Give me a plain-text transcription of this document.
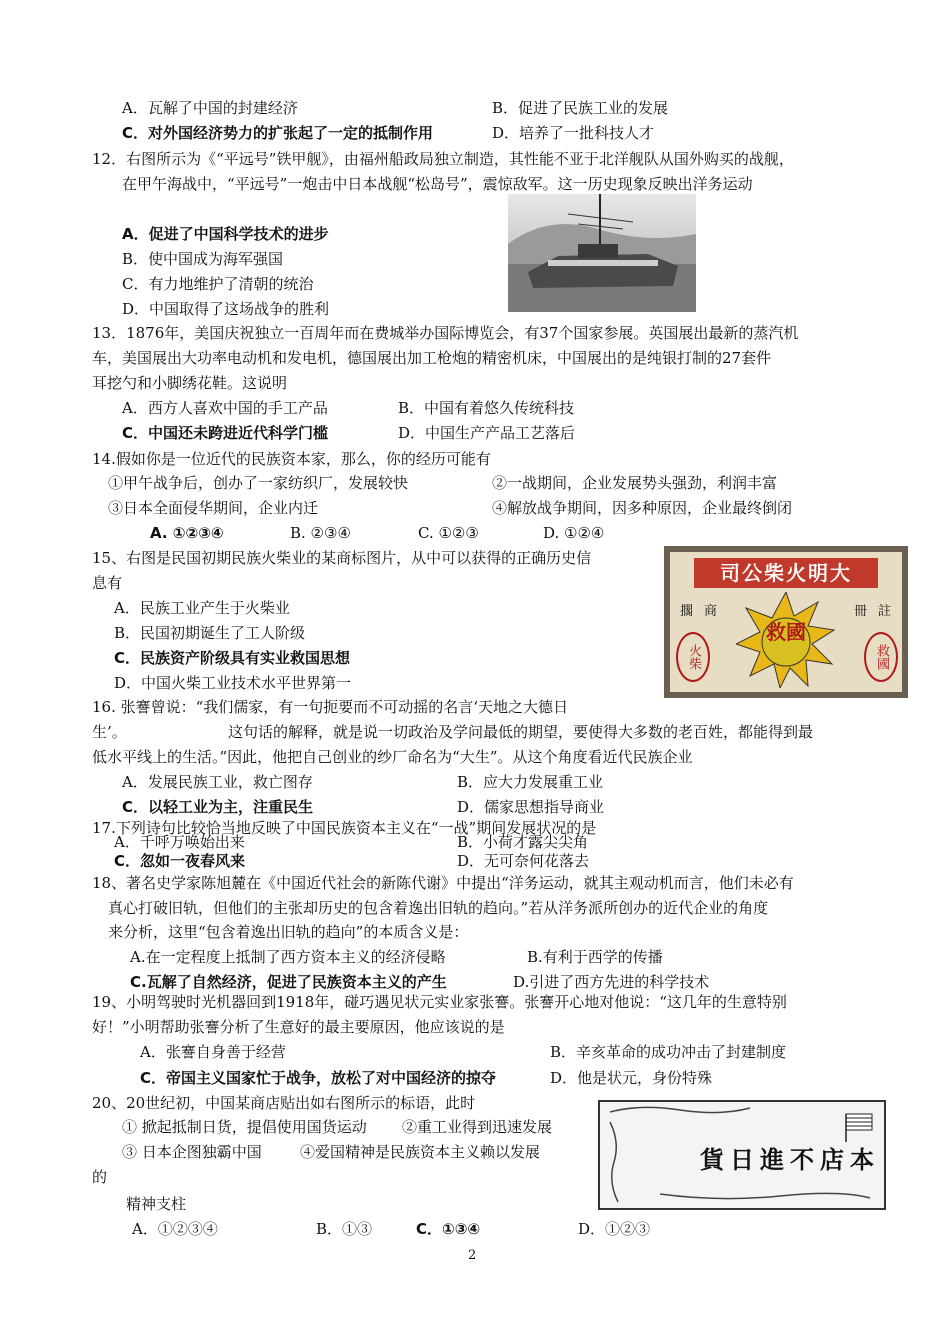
A．瓦解了中国的封建经济	B．促进了民族工业的发展
C．对外国经济势力的扩张起了一定的抵制作用	D．培养了一批科技人才
12．右图所示为《“平远号”铁甲舰》，由福州船政局独立制造，其性能不亚于北洋舰队从国外购买的战舰，
在甲午海战中，“平远号”一炮击中日本战舰“松岛号”，震惊敌军。这一历史现象反映出洋务运动
A．促进了中国科学技术的进步
B．使中国成为海军强国
C．有力地维护了清朝的统治
D．中国取得了这场战争的胜利
13．1876年，美国庆祝独立一百周年而在费城举办国际博览会，有37个国家参展。英国展出最新的蒸汽机
车，美国展出大功率电动机和发电机，德国展出加工枪炮的精密机床，中国展出的是纯银打制的27套件
耳挖勺和小脚绣花鞋。这说明
A．西方人喜欢中国的手工产品	B．中国有着悠久传统科技
C．中国还未跨进近代科学门槛	D．中国生产产品工艺落后
14.假如你是一位近代的民族资本家，那么，你的经历可能有
①甲午战争后，创办了一家纺织厂，发展较快	②一战期间，企业发展势头强劲，利润丰富
③日本全面侵华期间，企业内迁	④解放战争期间，因多种原因，企业最终倒闭
A. ①②③④	B. ②③④	C. ①②③	D. ①②④
15、右图是民国初期民族火柴业的某商标图片，从中可以获得的正确历史信
息有
A．民族工业产生于火柴业
B．民国初期诞生了工人阶级
C．民族资产阶级具有实业救国思想
D．中国火柴工业技术水平世界第一
司公柴火明大
擱 商	冊 註
救國
火柴	救國
16. 张謇曾说：“我们儒家，有一句扼要而不可动摇的名言‘天地之大德日
生’。	这句话的解释，就是说一切政治及学问最低的期望，要使得大多数的老百姓，都能得到最
低水平线上的生活。”因此，他把自己创业的纱厂命名为“大生”。从这个角度看近代民族企业
A．发展民族工业，救亡图存	B．应大力发展重工业
C．以轻工业为主，注重民生	D．儒家思想指导商业
17.下列诗句比较恰当地反映了中国民族资本主义在“一战”期间发展状况的是
A．千呼万唤始出来	B．小荷才露尖尖角
C．忽如一夜春风来	D．无可奈何花落去
18、著名史学家陈旭麓在《中国近代社会的新陈代谢》中提出“洋务运动，就其主观动机而言，他们未必有
真心打破旧轨，但他们的主张却历史的包含着逸出旧轨的趋向。”若从洋务派所创办的近代企业的角度
来分析，这里“包含着逸出旧轨的趋向”的本质含义是：
A.在一定程度上抵制了西方资本主义的经济侵略	B.有利于西学的传播
C.瓦解了自然经济，促进了民族资本主义的产生	D.引进了西方先进的科学技术
19、小明驾驶时光机器回到1918年，碰巧遇见状元实业家张謇。张謇开心地对他说：“这几年的生意特别
好！”小明帮助张謇分析了生意好的最主要原因，他应该说的是
A．张謇自身善于经营	B．辛亥革命的成功冲击了封建制度
C．帝国主义国家忙于战争，放松了对中国经济的掠夺	D．他是状元，身份特殊
20、20世纪初，中国某商店贴出如右图所示的标语，此时
① 掀起抵制日货，提倡使用国货运动 ②重工业得到迅速发展
③ 日本企图独霸中国	④爱国精神是民族资本主义赖以发展
的
精神支柱
A．①②③④	B．①③	C．①③④	D．①②③
本店不進日貨
2
